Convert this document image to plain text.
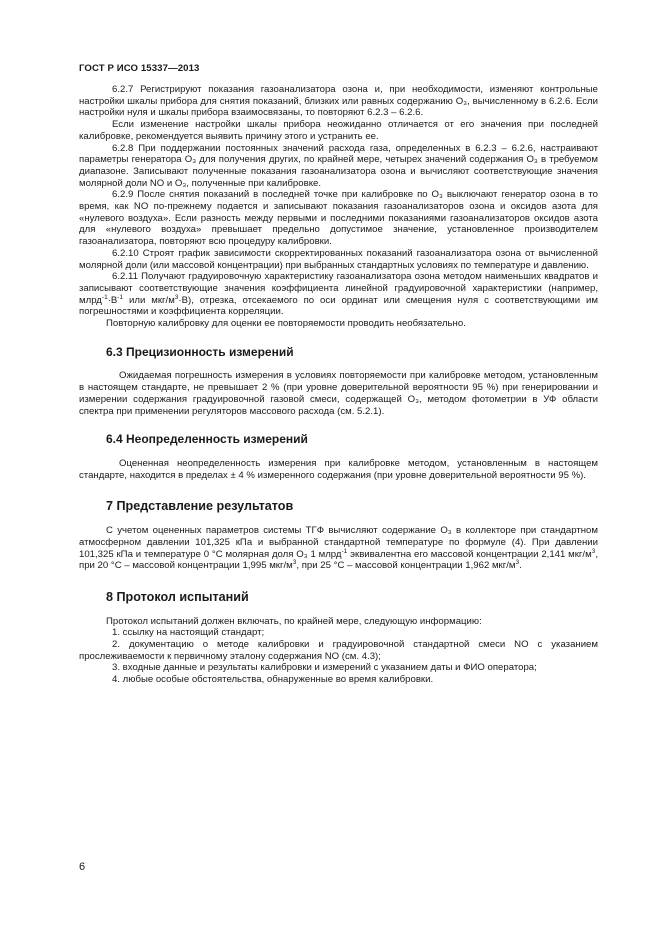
ГОСТ Р ИСО 15337—2013

6.2.7 Регистрируют показания газоанализатора озона и, при необходимости, изменяют контрольные настройки шкалы прибора для снятия показаний, близких или равных содержанию O₃, вычисленному в 6.2.6. Если настройки нуля и шкалы прибора взаимосвязаны, то повторяют 6.2.3 – 6.2.6.

Если изменение настройки шкалы прибора неожиданно отличается от его значения при последней калибровке, рекомендуется выявить причину этого и устранить ее.

6.2.8 При поддержании постоянных значений расхода газа, определенных в 6.2.3 – 6.2.6, настраивают параметры генератора O₃ для получения других, по крайней мере, четырех значений содержания O₃ в требуемом диапазоне. Записывают полученные показания газоанализатора озона и вычисляют соответствующие значения молярной доли NO и O₃, полученные при калибровке.

6.2.9 После снятия показаний в последней точке при калибровке по O₃ выключают генератор озона в то время, как NO по-прежнему подается и записывают показания газоанализаторов озона и оксидов азота для «нулевого воздуха». Если разность между первыми и последними показаниями газоанализаторов оксидов азота для «нулевого воздуха» превышает предельно допустимое значение, установленное производителем газоанализатора, повторяют всю процедуру калибровки.

6.2.10 Строят график зависимости скорректированных показаний газоанализатора озона от вычисленной молярной доли (или массовой концентрации) при выбранных стандартных условиях по температуре и давлению.

6.2.11 Получают градуировочную характеристику газоанализатора озона методом наименьших квадратов и записывают соответствующие значения коэффициента линейной градуировочной характеристики (например, $млрд^{-1}\cdot В^{-1}$ или мкг/$м^3\cdot В$), отрезка, отсекаемого по оси ординат или смещения нуля с соответствующими им погрешностями и коэффициента корреляции.

Повторную калибровку для оценки ее повторяемости проводить необязательно.

6.3 Прецизионность измерений

Ожидаемая погрешность измерения в условиях повторяемости при калибровке методом, установленным в настоящем стандарте, не превышает 2 % (при уровне доверительной вероятности 95 %) при генерировании и измерении содержания градуировочной газовой смеси, содержащей O₃, методом фотометрии в УФ области спектра при применении регуляторов массового расхода (см. 5.2.1).

6.4 Неопределенность измерений

Оцененная неопределенность измерения при калибровке методом, установленным в настоящем стандарте, находится в пределах ± 4 % измеренного содержания (при уровне доверительной вероятности 95 %).

7 Представление результатов

С учетом оцененных параметров системы ТГФ вычисляют содержание O₃ в коллекторе при стандартном атмосферном давлении 101,325 кПа и выбранной стандартной температуре по формуле (4). При давлении 101,325 кПа и температуре 0 °С молярная доля O₃ 1 млрд$^{-1}$ эквивалентна его массовой концентрации 2,141 мкг/$м^3$, при 20 °С – массовой концентрации 1,995 мкг/$м^3$, при 25 °С – массовой концентрации 1,962 мкг/$м^3$.

8 Протокол испытаний

Протокол испытаний должен включать, по крайней мере, следующую информацию:

1. ссылку на настоящий стандарт;

2. документацию о методе калибровки и градуировочной стандартной смеси NO с указанием прослеживаемости к первичному эталону содержания NO (см. 4.3);

3. входные данные и результаты калибровки и измерений с указанием даты и ФИО оператора;

4. любые особые обстоятельства, обнаруженные во время калибровки.

6
